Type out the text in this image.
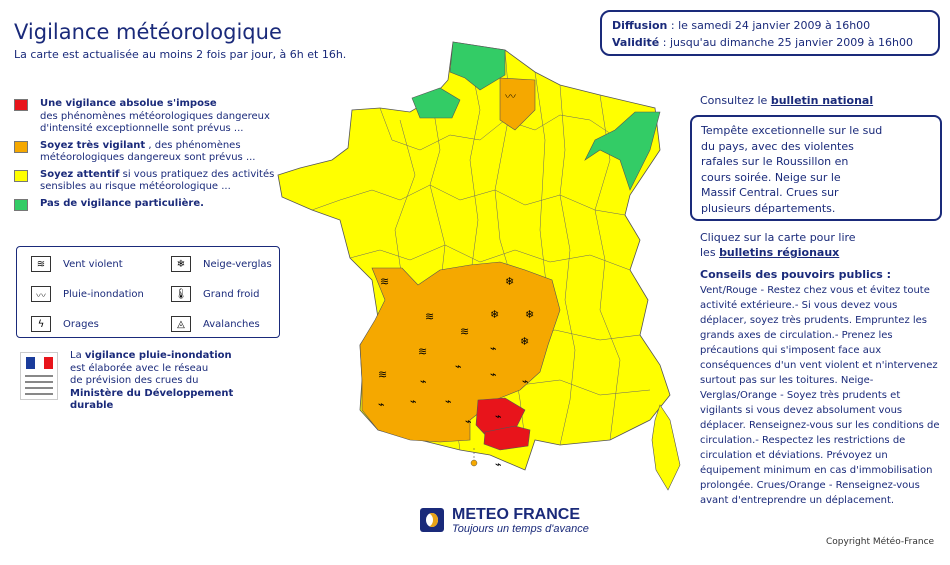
〰︎
≋	❄
≋	❄ ❄
≋
≋
❄
⌁
≋
⌁
⌁
⌁
⌁
⌁ ⌁	⌁
⌁ ⌁
⌁
Vigilance météorologique
La carte est actualisée au moins 2 fois par jour, à 6h et 16h.
Diffusion : le samedi 24 janvier 2009 à 16h00
Validité : jusqu'au dimanche 25 janvier 2009 à 16h00
Une vigilance absolue s'impose
des phénomènes météorologiques dangereux d'intensité exceptionnelle sont prévus ...
Soyez très vigilant , des phénomènes météorologiques dangereux sont prévus ...
Soyez attentif si vous pratiquez des activités sensibles au risque météorologique ...
Pas de vigilance particulière.
≋	Vent violent	❄	Neige-verglas
〰	Pluie-inondation	🌡︎	Grand froid
ϟ	Orages	◬	Avalanches
La vigilance pluie-inondation
est élaborée avec le réseau
de prévision des crues du
Ministère du Développement durable
Consultez le bulletin national
Tempête excetionnelle sur le sud
du pays, avec des violentes
rafales sur le Roussillon en
cours soirée. Neige sur le
Massif Central. Crues sur
plusieurs départements.
Cliquez sur la carte pour lire
les bulletins régionaux
Conseils des pouvoirs publics :
Vent/Rouge - Restez chez vous et évitez toute activité extérieure.- Si vous devez vous déplacer, soyez très prudents. Empruntez les grands axes de circulation.- Prenez les précautions qui s'imposent face aux conséquences d'un vent violent et n'intervenez surtout pas sur les toitures. Neige-Verglas/Orange - Soyez très prudents et vigilants si vous devez absolument vous déplacer. Renseignez-vous sur les conditions de circulation.- Respectez les restrictions de circulation et déviations. Prévoyez un équipement minimum en cas d'immobilisation prolongée. Crues/Orange - Renseignez-vous avant d'entreprendre un déplacement.
METEO FRANCE
Toujours un temps d'avance
Copyright Météo-France
